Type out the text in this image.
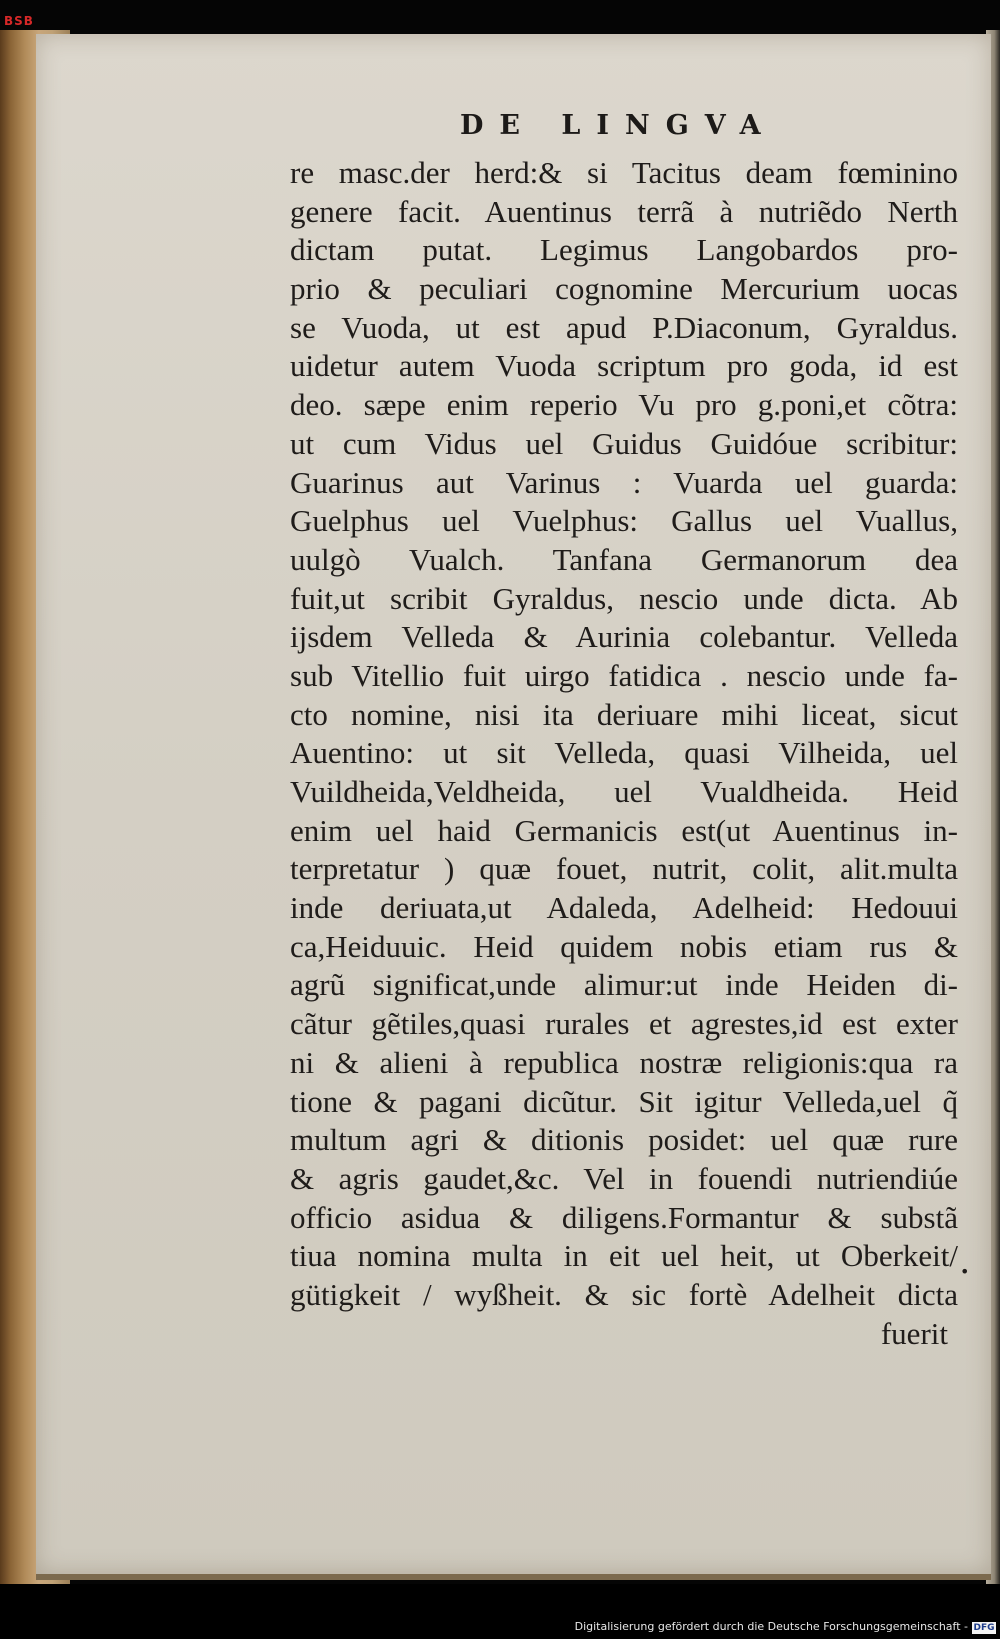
BSB
DE LINGVA
re masc.der herd:& si Tacitus deam fœminino
genere facit. Auentinus terrã à nutriẽdo Nerth
dictam putat. Legimus Langobardos pro-
prio & peculiari cognomine Mercurium uocas
se Vuoda, ut est apud P.Diaconum, Gyraldus.
uidetur autem Vuoda scriptum pro goda, id est
deo. sæpe enim reperio Vu pro g.poni,et cõtra:
ut cum Vidus uel Guidus Guidóue scribitur:
Guarinus aut Varinus : Vuarda uel guarda:
Guelphus uel Vuelphus: Gallus uel Vuallus,
uulgò Vualch. Tanfana Germanorum dea
fuit,ut scribit Gyraldus, nescio unde dicta. Ab
ijsdem Velleda & Aurinia colebantur. Velleda
sub Vitellio fuit uirgo fatidica . nescio unde fa-
cto nomine, nisi ita deriuare mihi liceat, sicut
Auentino: ut sit Velleda, quasi Vilheida, uel
Vuildheida,Veldheida, uel Vualdheida. Heid
enim uel haid Germanicis est(ut Auentinus in-
terpretatur ) quæ fouet, nutrit, colit, alit.multa
inde deriuata,ut Adaleda, Adelheid: Hedouui
ca,Heiduuic. Heid quidem nobis etiam rus &
agrũ significat,unde alimur:ut inde Heiden di-
cãtur gẽtiles,quasi rurales et agrestes,id est exter
ni & alieni à republica nostræ religionis:qua ra
tione & pagani dicũtur. Sit igitur Velleda,uel q̃
multum agri & ditionis posidet: uel quæ rure
& agris gaudet,&c. Vel in fouendi nutriendiúe
officio asidua & diligens.Formantur & substã
tiua nomina multa in eit uel heit, ut Oberkeit/
gütigkeit / wyßheit. & sic fortè Adelheit dicta
fuerit
•
Digitalisierung gefördert durch die Deutsche Forschungsgemeinschaft - DFG
